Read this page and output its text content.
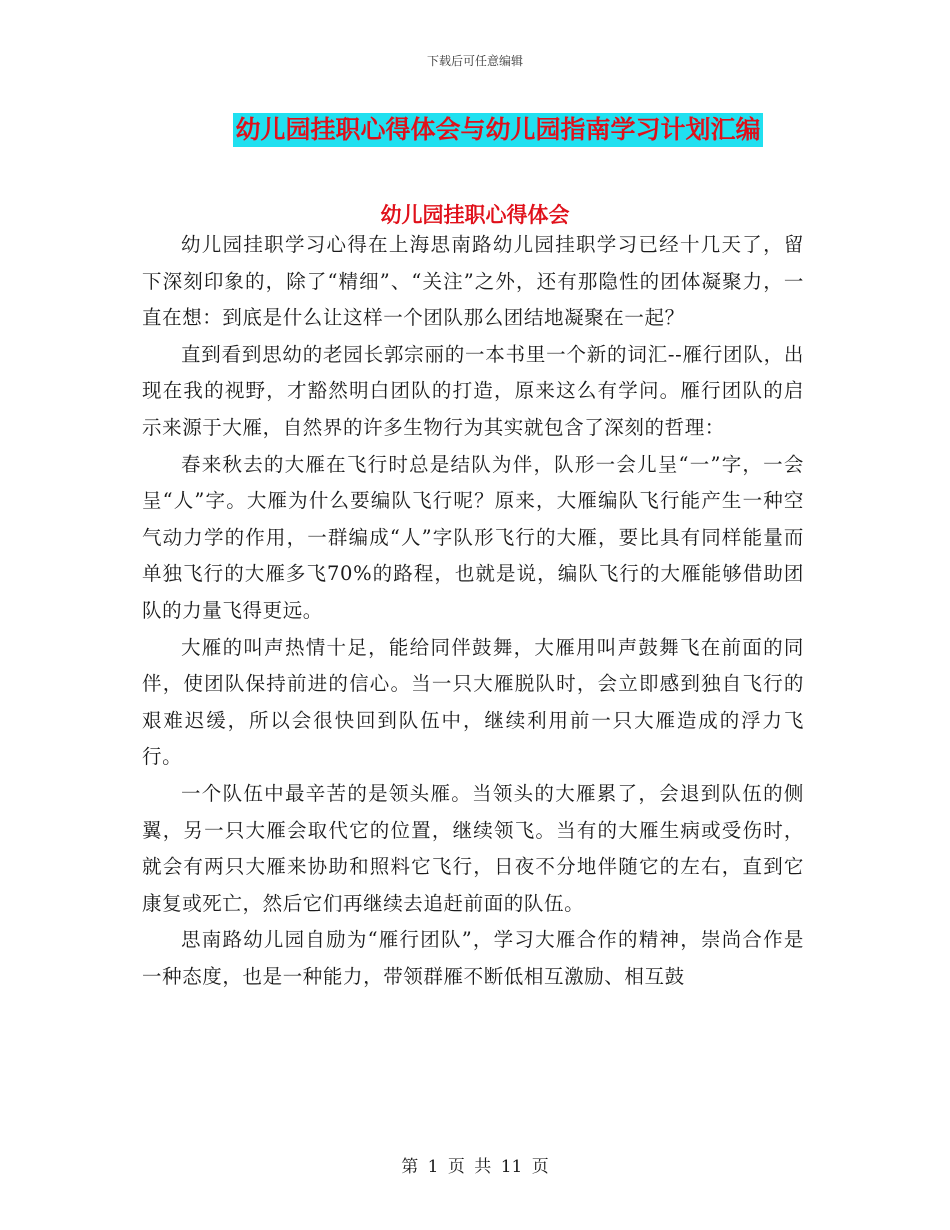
下载后可任意编辑
幼儿园挂职心得体会与幼儿园指南学习计划汇编
幼儿园挂职心得体会

幼儿园挂职学习心得在上海思南路幼儿园挂职学习已经十几天了，留下深刻印象的，除了“精细”、“关注”之外，还有那隐性的团体凝聚力，一直在想：到底是什么让这样一个团队那么团结地凝聚在一起？

直到看到思幼的老园长郭宗丽的一本书里一个新的词汇--雁行团队，出现在我的视野，才豁然明白团队的打造，原来这么有学问。雁行团队的启示来源于大雁，自然界的许多生物行为其实就包含了深刻的哲理：

春来秋去的大雁在飞行时总是结队为伴，队形一会儿呈“一”字，一会呈“人”字。大雁为什么要编队飞行呢？原来，大雁编队飞行能产生一种空气动力学的作用，一群编成“人”字队形飞行的大雁，要比具有同样能量而单独飞行的大雁多飞70%的路程，也就是说，编队飞行的大雁能够借助团队的力量飞得更远。

大雁的叫声热情十足，能给同伴鼓舞，大雁用叫声鼓舞飞在前面的同伴，使团队保持前进的信心。当一只大雁脱队时，会立即感到独自飞行的艰难迟缓，所以会很快回到队伍中，继续利用前一只大雁造成的浮力飞行。

一个队伍中最辛苦的是领头雁。当领头的大雁累了，会退到队伍的侧翼，另一只大雁会取代它的位置，继续领飞。当有的大雁生病或受伤时，就会有两只大雁来协助和照料它飞行，日夜不分地伴随它的左右，直到它康复或死亡，然后它们再继续去追赶前面的队伍。

思南路幼儿园自励为“雁行团队”，学习大雁合作的精神，崇尚合作是一种态度，也是一种能力，带领群雁不断低相互激励、相互鼓

第 1 页 共 11 页
